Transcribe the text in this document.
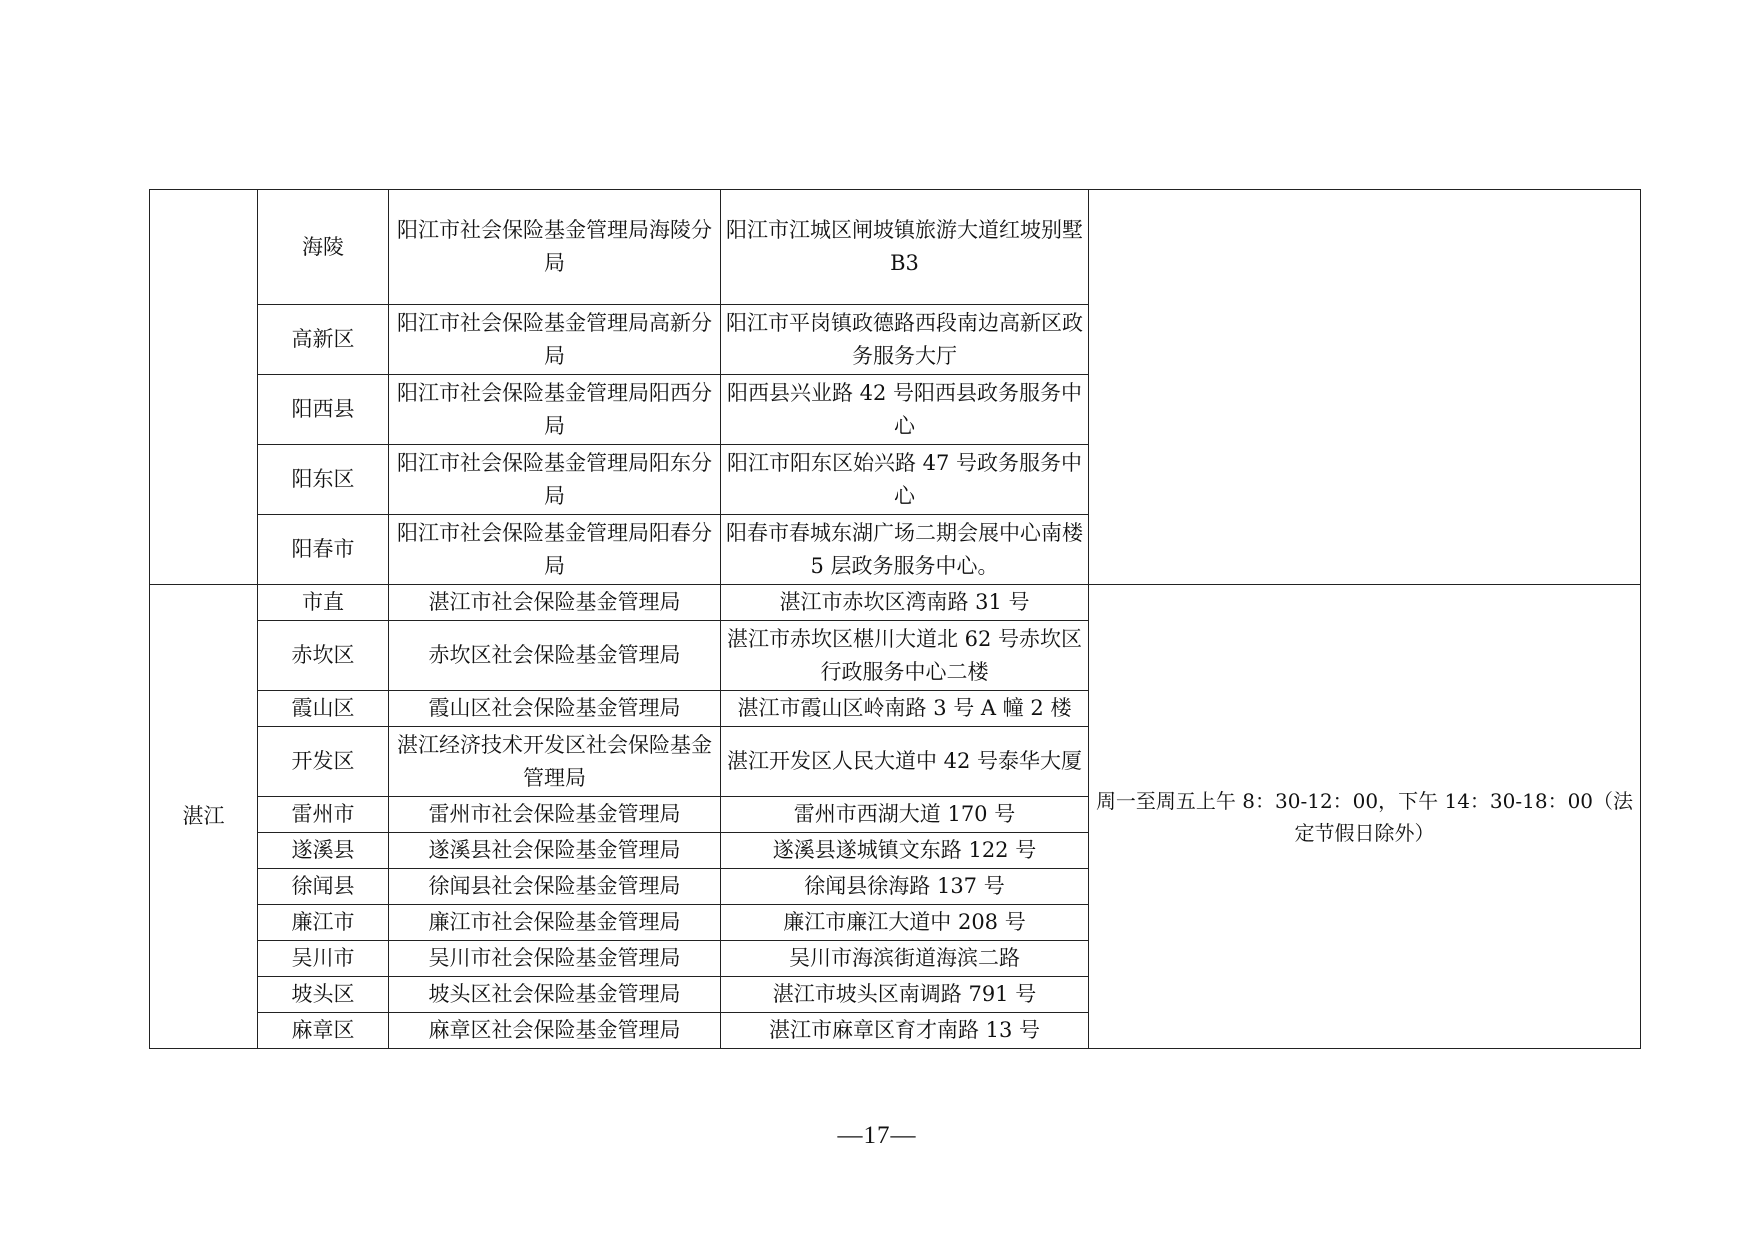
	海陵	阳江市社会保险基金管理局海陵分局	阳江市江城区闸坡镇旅游大道红坡别墅 B3	
	高新区	阳江市社会保险基金管理局高新分局	阳江市平岗镇政德路西段南边高新区政务服务大厅	
	阳西县	阳江市社会保险基金管理局阳西分局	阳西县兴业路 42 号阳西县政务服务中心	
	阳东区	阳江市社会保险基金管理局阳东分局	阳江市阳东区始兴路 47 号政务服务中心	
	阳春市	阳江市社会保险基金管理局阳春分局	阳春市春城东湖广场二期会展中心南楼 5 层政务服务中心。	
湛江	市直	湛江市社会保险基金管理局	湛江市赤坎区湾南路 31 号	周一至周五上午 8：30-12：00，下午 14：30-18：00（法定节假日除外）
	赤坎区	赤坎区社会保险基金管理局	湛江市赤坎区椹川大道北 62 号赤坎区行政服务中心二楼	
	霞山区	霞山区社会保险基金管理局	湛江市霞山区岭南路 3 号 A 幢 2 楼	
	开发区	湛江经济技术开发区社会保险基金管理局	湛江开发区人民大道中 42 号泰华大厦	
	雷州市	雷州市社会保险基金管理局	雷州市西湖大道 170 号	
	遂溪县	遂溪县社会保险基金管理局	遂溪县遂城镇文东路 122 号	
	徐闻县	徐闻县社会保险基金管理局	徐闻县徐海路 137 号	
	廉江市	廉江市社会保险基金管理局	廉江市廉江大道中 208 号	
	吴川市	吴川市社会保险基金管理局	吴川市海滨街道海滨二路	
	坡头区	坡头区社会保险基金管理局	湛江市坡头区南调路 791 号	
	麻章区	麻章区社会保险基金管理局	湛江市麻章区育才南路 13 号	
—17—
